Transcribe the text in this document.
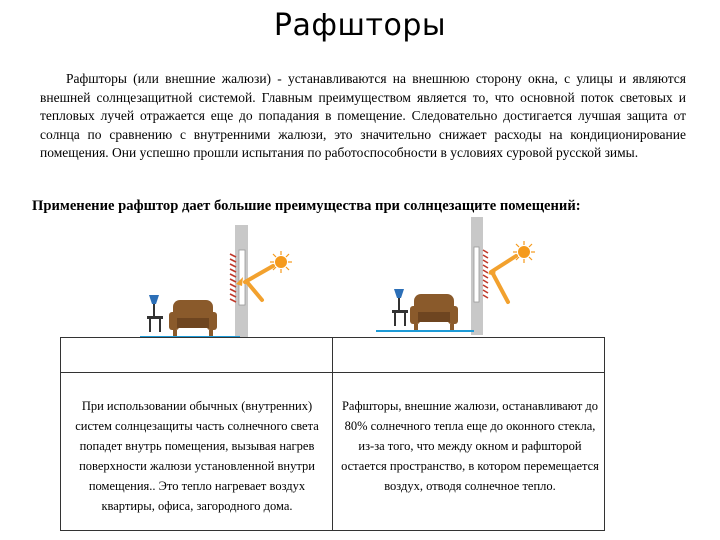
Рафшторы

Рафшторы (или внешние жалюзи) - устанавливаются на внешнюю сторону окна, с улицы и являются внешней солнцезащитной системой. Главным преимуществом является то, что основной поток световых и тепловых лучей отражается еще до попадания в помещение. Следовательно достигается лучшая защита от солнца по сравнению с внутренними жалюзи, это значительно снижает расходы на кондиционирование помещения. Они успешно прошли испытания по работоспособности в условиях суровой русской зимы.

Применение рафштор дает большие преимущества при солнцезащите помещений:

При использовании обычных (внутренних) систем солнцезащиты часть солнечного света попадет внутрь помещения, вызывая нагрев поверхности жалюзи установленной внутри помещения.. Это тепло нагревает воздух квартиры, офиса, загородного дома.

Рафшторы, внешние жалюзи, останавливают до 80% солнечного тепла еще до оконного стекла, из-за того, что между окном и рафшторой остается пространство, в котором перемещается воздух, отводя солнечное тепло.
